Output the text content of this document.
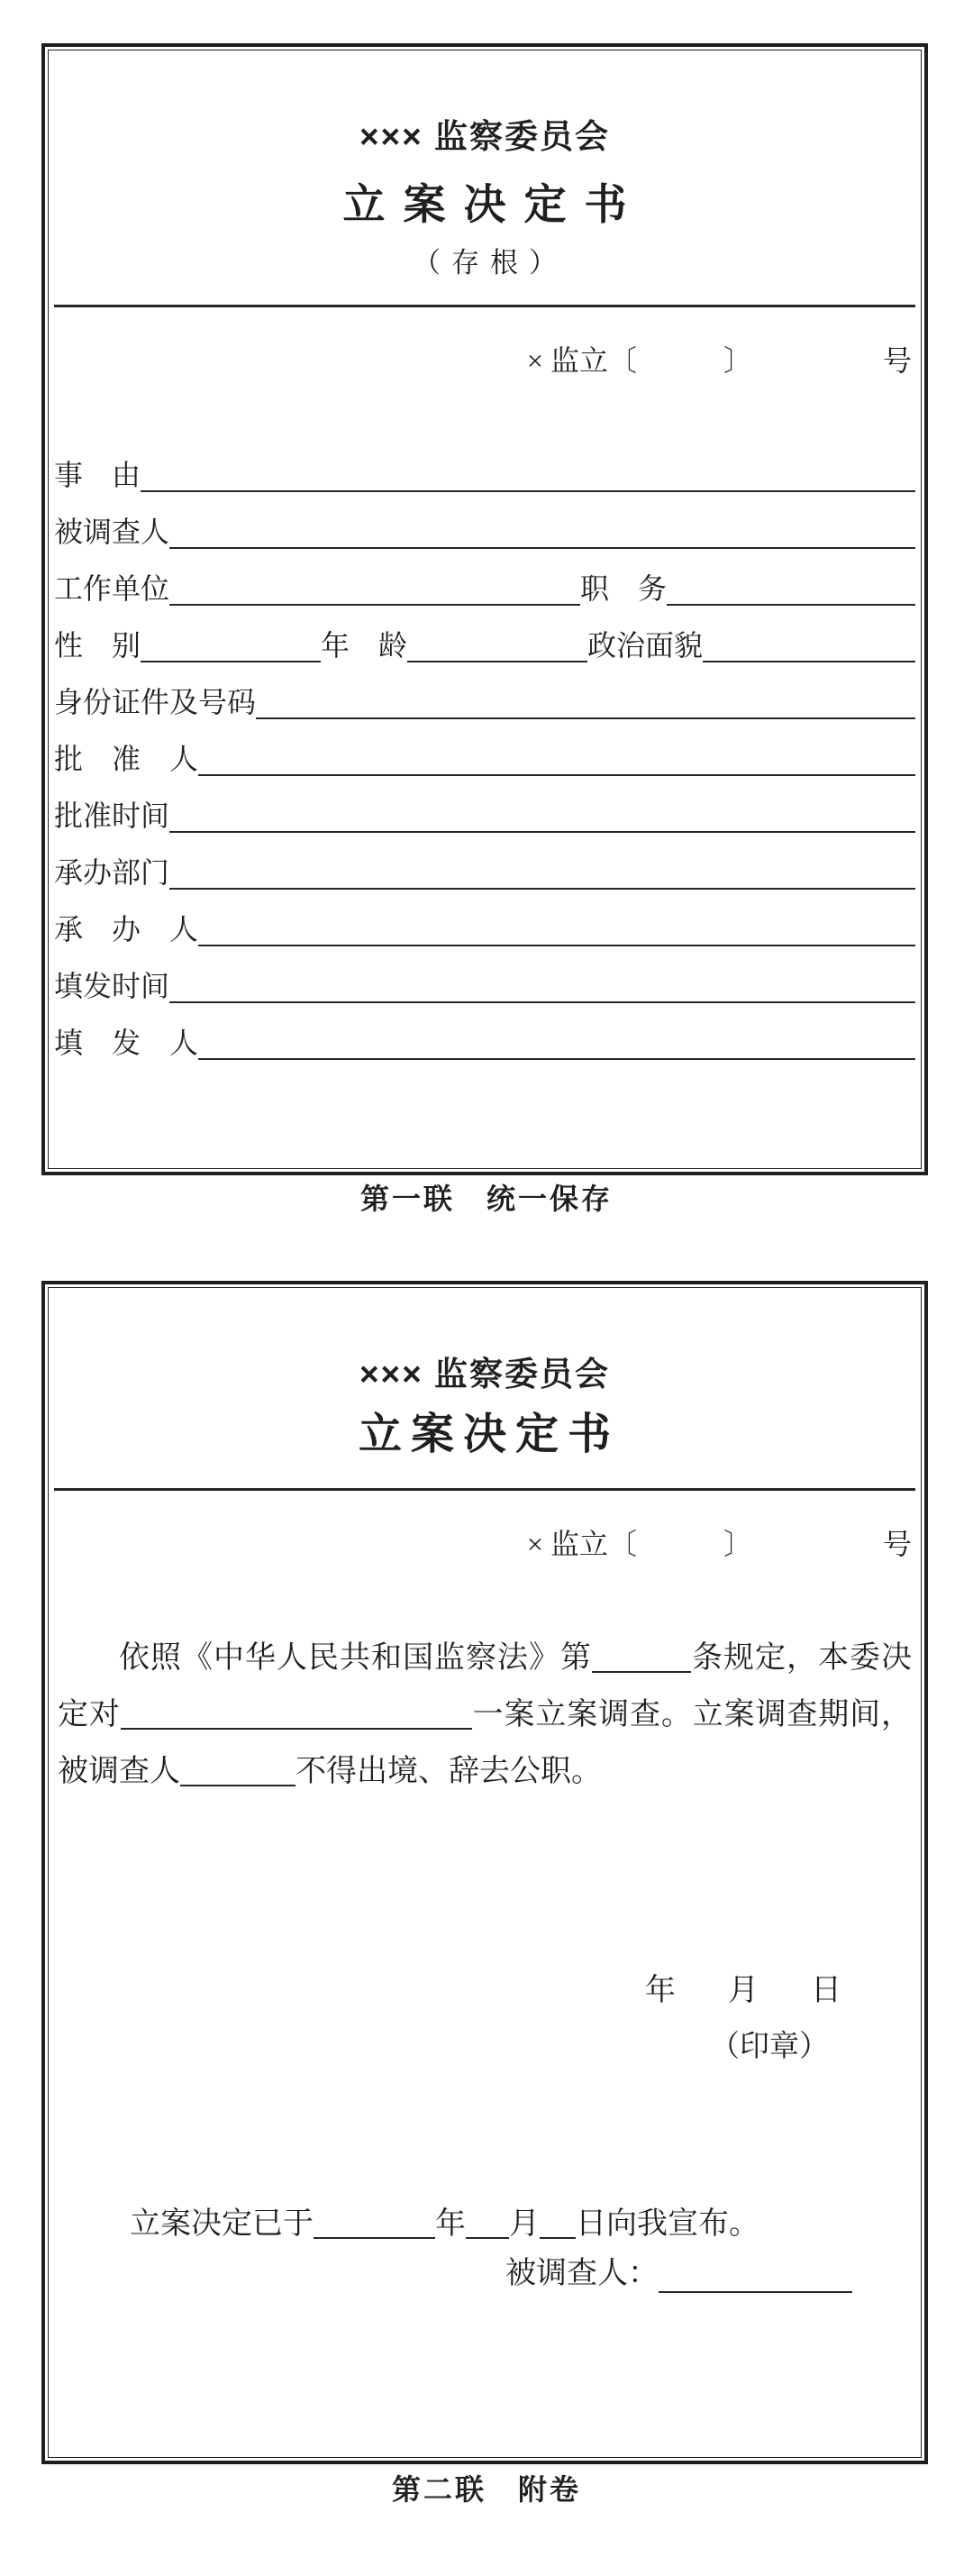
××× 监察委员会
立案决定书
（存根）
× 监立〔　　　〕	号
事　由
被调查人
工作单位	职　务
性　别	年　龄	政治面貌
身份证件及号码
批　准　人
批准时间
承办部门
承　办　人
填发时间
填　发　人
第一联　统一保存
××× 监察委员会
立案决定书
× 监立〔　　　〕	号
依照《中华人民共和国监察法》第	条规定，本委决定对	一案立案调查。立案调查期间，被调查人	不得出境、辞去公职。
年　月　日
（印章）
立案决定已于	年 月 日向我宣布。
被调查人：
第二联　附卷
